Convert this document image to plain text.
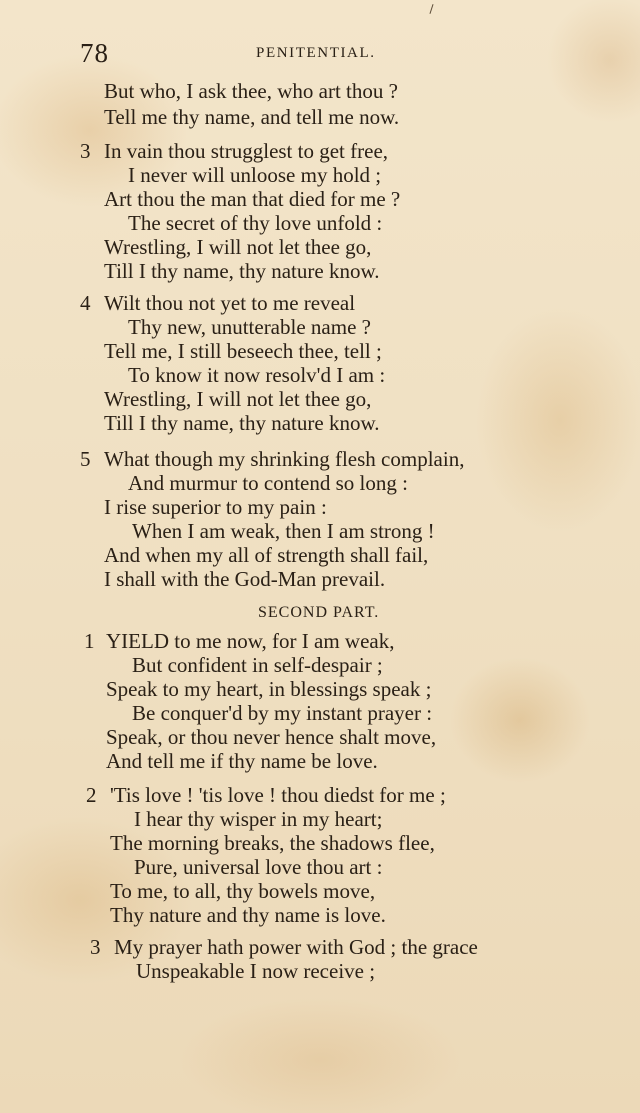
78	PENITENTIAL.
But who, I ask thee, who art thou ?
Tell me thy name, and tell me now.
3 In vain thou strugglest to get free,
I never will unloose my hold ;
Art thou the man that died for me ?
The secret of thy love unfold :
Wrestling, I will not let thee go,
Till I thy name, thy nature know.
4 Wilt thou not yet to me reveal
Thy new, unutterable name ?
Tell me, I still beseech thee, tell ;
To know it now resolv'd I am :
Wrestling, I will not let thee go,
Till I thy name, thy nature know.
5 What though my shrinking flesh complain,
And murmur to contend so long :
I rise superior to my pain :
When I am weak, then I am strong !
And when my all of strength shall fail,
I shall with the God-Man prevail.
SECOND PART.
1 YIELD to me now, for I am weak,
But confident in self-despair ;
Speak to my heart, in blessings speak ;
Be conquer'd by my instant prayer :
Speak, or thou never hence shalt move,
And tell me if thy name be love.
2 'Tis love ! 'tis love ! thou diedst for me ;
I hear thy wisper in my heart;
The morning breaks, the shadows flee,
Pure, universal love thou art :
To me, to all, thy bowels move,
Thy nature and thy name is love.
3 My prayer hath power with God ; the grace
Unspeakable I now receive ;
